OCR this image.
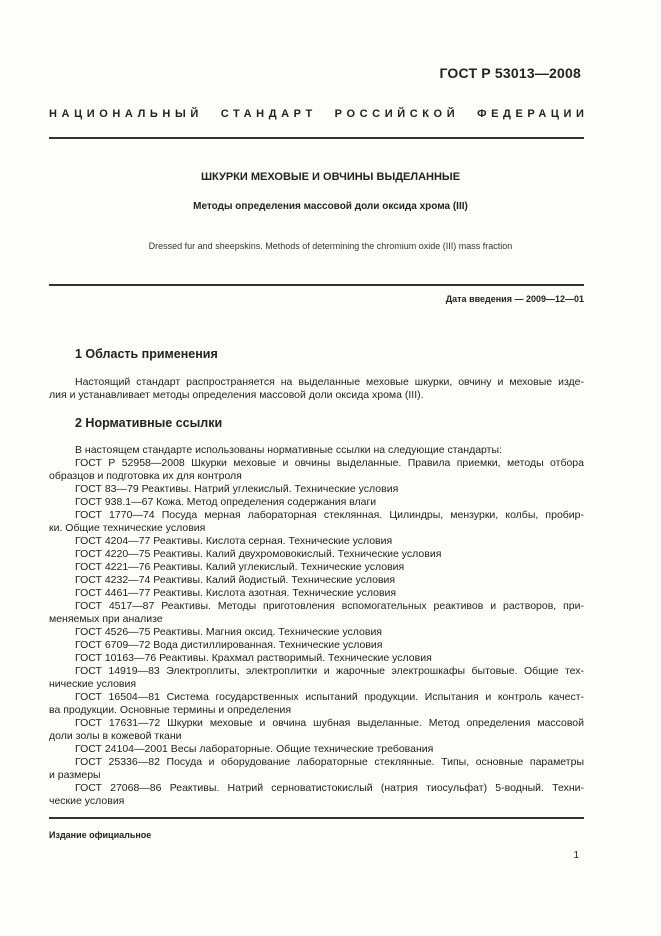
ГОСТ Р 53013—2008
НАЦИОНАЛЬНЫЙ СТАНДАРТ РОССИЙСКОЙ ФЕДЕРАЦИИ
ШКУРКИ МЕХОВЫЕ И ОВЧИНЫ ВЫДЕЛАННЫЕ
Методы определения массовой доли оксида хрома (III)
Dressed fur and sheepskins. Methods of determining the chromium oxide (III) mass fraction
Дата введения — 2009—12—01
1 Область применения
Настоящий стандарт распространяется на выделанные меховые шкурки, овчину и меховые изде-
лия и устанавливает методы определения массовой доли оксида хрома (III).
2 Нормативные ссылки
В настоящем стандарте использованы нормативные ссылки на следующие стандарты:
ГОСТ Р 52958—2008 Шкурки меховые и овчины выделанные. Правила приемки, методы отбора
образцов и подготовка их для контроля
ГОСТ 83—79 Реактивы. Натрий углекислый. Технические условия
ГОСТ 938.1—67 Кожа. Метод определения содержания влаги
ГОСТ 1770—74 Посуда мерная лабораторная стеклянная. Цилиндры, мензурки, колбы, пробир-
ки. Общие технические условия
ГОСТ 4204—77 Реактивы. Кислота серная. Технические условия
ГОСТ 4220—75 Реактивы. Калий двухромовокислый. Технические условия
ГОСТ 4221—76 Реактивы. Калий углекислый. Технические условия
ГОСТ 4232—74 Реактивы. Калий йодистый. Технические условия
ГОСТ 4461—77 Реактивы. Кислота азотная. Технические условия
ГОСТ 4517—87 Реактивы. Методы приготовления вспомогательных реактивов и растворов, при-
меняемых при анализе
ГОСТ 4526—75 Реактивы. Магния оксид. Технические условия
ГОСТ 6709—72 Вода дистиллированная. Технические условия
ГОСТ 10163—76 Реактивы. Крахмал растворимый. Технические условия
ГОСТ 14919—83 Электроплиты, электроплитки и жарочные электрошкафы бытовые. Общие тех-
нические условия
ГОСТ 16504—81 Система государственных испытаний продукции. Испытания и контроль качест-
ва продукции. Основные термины и определения
ГОСТ 17631—72 Шкурки меховые и овчина шубная выделанные. Метод определения массовой
доли золы в кожевой ткани
ГОСТ 24104—2001 Весы лабораторные. Общие технические требования
ГОСТ 25336—82 Посуда и оборудование лабораторные стеклянные. Типы, основные параметры
и размеры
ГОСТ 27068—86 Реактивы. Натрий серноватистокислый (натрия тиосульфат) 5-водный. Техни-
ческие условия
Издание официальное
1
